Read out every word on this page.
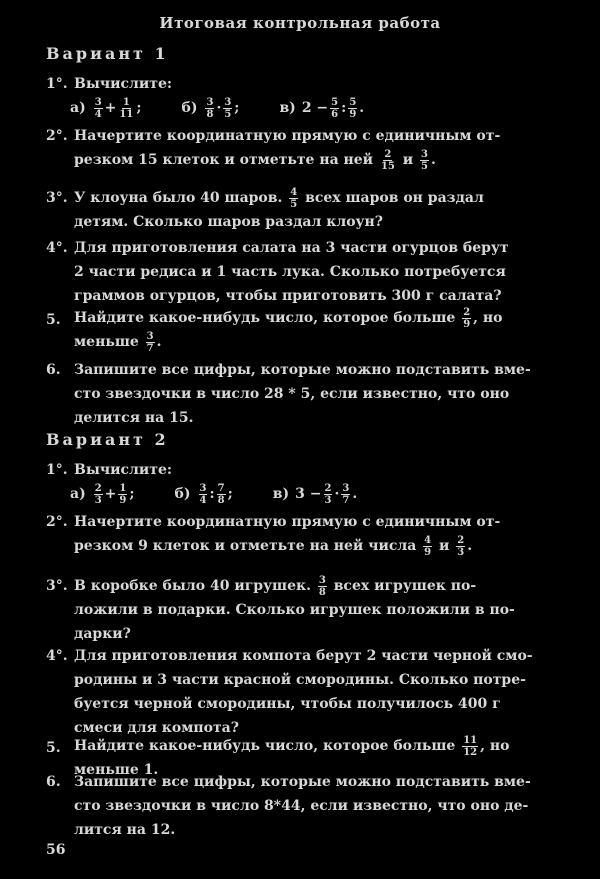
Итоговая контрольная работа
Вариант 1
1°. Вычислите:
$а) \frac{3}{4} + \frac{1}{11}$ ;	$б) \frac{3}{8} \cdot \frac{3}{5}$ ;	в) $2 - \frac{5}{6}$ : $\frac{5}{9}$ .
2°. Начертите координатную прямую с единичным от-
резком 15 клеток и отметьте на ней
$\frac{2}{15}$
и
$\frac{3}{5}$ .
3°. У клоуна было 40 шаров.
$\frac{4}{5}$
всех шаров он раздал
детям. Сколько шаров раздал клоун?
4°. Для приготовления салата на 3 части огурцов берут
2 части редиса и 1 часть лука. Сколько потребуется
граммов огурцов, чтобы приготовить 300 г салата?
5. Найдите какое-нибудь число, которое больше
$\frac{2}{9}$ , но
меньше
$\frac{3}{7}$ .
6. Запишите все цифры, которые можно подставить вме-
сто звездочки в число 28 * 5, если известно, что оно
делится на 15.
Вариант 2
1°. Вычислите:
$а) \frac{2}{3} + \frac{1}{9}$ ;	$б) \frac{3}{4}$ : $\frac{7}{8}$ ;	в) $3 - \frac{2}{3} \cdot \frac{3}{7}$ .
2°. Начертите координатную прямую с единичным от-
резком 9 клеток и отметьте на ней числа
$\frac{4}{9}$
и
$\frac{2}{3}$ .
3°. В коробке было 40 игрушек.
$\frac{3}{8}$
всех игрушек по-
ложили в подарки. Сколько игрушек положили в по-
дарки?
4°. Для приготовления компота берут 2 части черной смо-
родины и 3 части красной смородины. Сколько потре-
буется черной смородины, чтобы получилось 400 г
смеси для компота?
5. Найдите какое-нибудь число, которое больше
$\frac{11}{12}$ , но
меньше 1.
6. Запишите все цифры, которые можно подставить вме-
сто звездочки в число 8*44, если известно, что оно де-
лится на 12.
56
